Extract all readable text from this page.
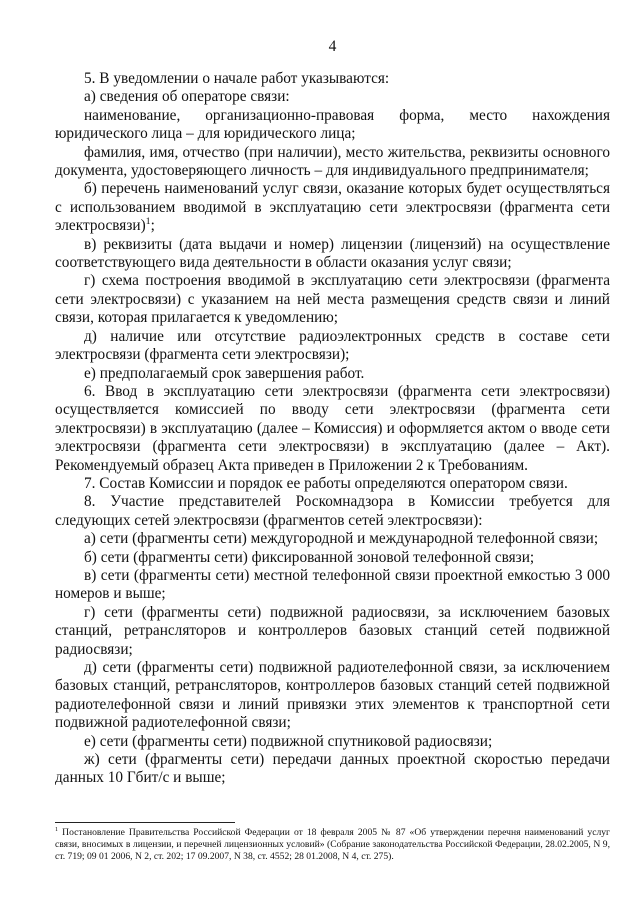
4

5. В уведомлении о начале работ указываются:

а) сведения об операторе связи:

наименование, организационно-правовая форма, место нахождения юридического лица – для юридического лица;

фамилия, имя, отчество (при наличии), место жительства, реквизиты основного документа, удостоверяющего личность – для индивидуального предпринимателя;

б) перечень наименований услуг связи, оказание которых будет осуществляться с использованием вводимой в эксплуатацию сети электросвязи (фрагмента сети электросвязи)$^1$;

в) реквизиты (дата выдачи и номер) лицензии (лицензий) на осуществление соответствующего вида деятельности в области оказания услуг связи;

г) схема построения вводимой в эксплуатацию сети электросвязи (фрагмента сети электросвязи) с указанием на ней места размещения средств связи и линий связи, которая прилагается к уведомлению;

д) наличие или отсутствие радиоэлектронных средств в составе сети электросвязи (фрагмента сети электросвязи);

е) предполагаемый срок завершения работ.

6. Ввод в эксплуатацию сети электросвязи (фрагмента сети электросвязи) осуществляется комиссией по вводу сети электросвязи (фрагмента сети электросвязи) в эксплуатацию (далее – Комиссия) и оформляется актом о вводе сети электросвязи (фрагмента сети электросвязи) в эксплуатацию (далее – Акт). Рекомендуемый образец Акта приведен в Приложении 2 к Требованиям.

7. Состав Комиссии и порядок ее работы определяются оператором связи.

8. Участие представителей Роскомнадзора в Комиссии требуется для следующих сетей электросвязи (фрагментов сетей электросвязи):

а) сети (фрагменты сети) междугородной и международной телефонной связи;

б) сети (фрагменты сети) фиксированной зоновой телефонной связи;

в) сети (фрагменты сети) местной телефонной связи проектной емкостью 3 000 номеров и выше;

г) сети (фрагменты сети) подвижной радиосвязи, за исключением базовых станций, ретрансляторов и контроллеров базовых станций сетей подвижной радиосвязи;

д) сети (фрагменты сети) подвижной радиотелефонной связи, за исключением базовых станций, ретрансляторов, контроллеров базовых станций сетей подвижной радиотелефонной связи и линий привязки этих элементов к транспортной сети подвижной радиотелефонной связи;

е) сети (фрагменты сети) подвижной спутниковой радиосвязи;

ж) сети (фрагменты сети) передачи данных проектной скоростью передачи данных 10 Гбит/с и выше;

$^1$ Постановление Правительства Российской Федерации от 18 февраля 2005 № 87 «Об утверждении перечня наименований услуг связи, вносимых в лицензии, и перечней лицензионных условий» (Собрание законодательства Российской Федерации, 28.02.2005, N 9, ст. 719; 09 01 2006, N 2, ст. 202; 17 09.2007, N 38, ст. 4552; 28 01.2008, N 4, ст. 275).
